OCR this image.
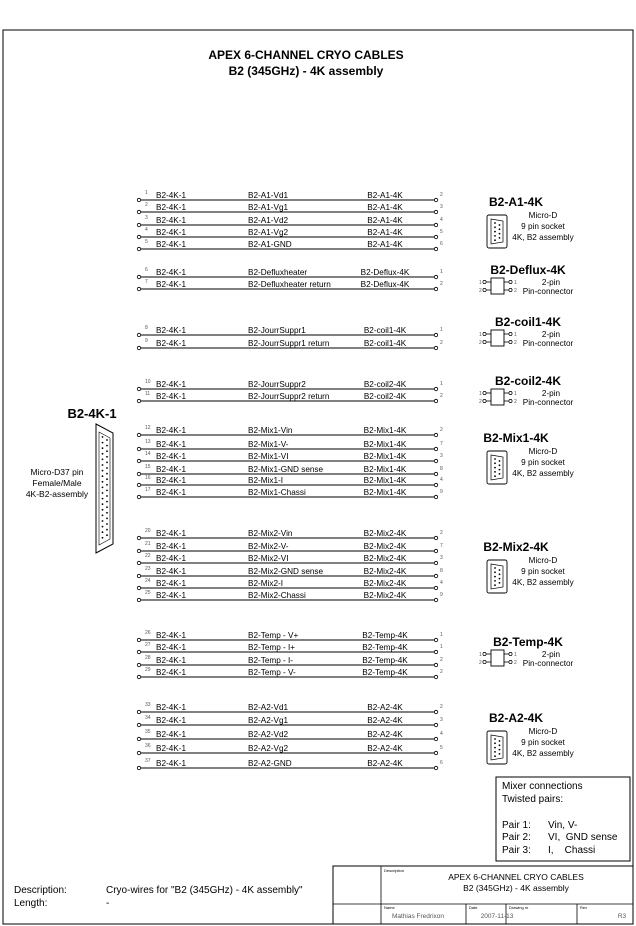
APEX 6-CHANNEL CRYO CABLES
B2 (345GHz) - 4K assembly
B2-4K-1
Micro-D37 pin
Female/Male
4K-B2-assembly
1 B2-4K-1	B2-A1-Vd1	B2-A1-4K	2
2 B2-4K-1	B2-A1-Vg1	B2-A1-4K	3
3 B2-4K-1	B2-A1-Vd2	B2-A1-4K	4
4 B2-4K-1	B2-A1-Vg2	B2-A1-4K	5
5 B2-4K-1	B2-A1-GND	B2-A1-4K	6
6 B2-4K-1	B2-Defluxheater	B2-Deflux-4K	1
7 B2-4K-1	B2-Defluxheater return	B2-Deflux-4K	2
8 B2-4K-1	B2-JourrSuppr1	B2-coil1-4K	1
9 B2-4K-1	B2-JourrSuppr1 return	B2-coil1-4K	2
10 B2-4K-1	B2-JourrSuppr2	B2-coil2-4K	1
11 B2-4K-1	B2-JourrSuppr2 return	B2-coil2-4K	2
12 B2-4K-1	B2-Mix1-Vin	B2-Mix1-4K	2
13 B2-4K-1	B2-Mix1-V-	B2-Mix1-4K	7
14 B2-4K-1	B2-Mix1-VI	B2-Mix1-4K	3
15 B2-4K-1	B2-Mix1-GND sense	B2-Mix1-4K	8
16 B2-4K-1	B2-Mix1-I	B2-Mix1-4K	4
17 B2-4K-1	B2-Mix1-Chassi	B2-Mix1-4K	9
20 B2-4K-1	B2-Mix2-Vin	B2-Mix2-4K	2
21 B2-4K-1	B2-Mix2-V-	B2-Mix2-4K	7
22 B2-4K-1	B2-Mix2-VI	B2-Mix2-4K	3
23 B2-4K-1	B2-Mix2-GND sense	B2-Mix2-4K	8
24 B2-4K-1	B2-Mix2-I	B2-Mix2-4K	4
25 B2-4K-1	B2-Mix2-Chassi	B2-Mix2-4K	9
26 B2-4K-1	B2-Temp - V+	B2-Temp-4K	1
27 B2-4K-1	B2-Temp - I+	B2-Temp-4K	1
28 B2-4K-1	B2-Temp - I-	B2-Temp-4K	2
29 B2-4K-1	B2-Temp - V-	B2-Temp-4K	2
33 B2-4K-1	B2-A2-Vd1	B2-A2-4K	2
34 B2-4K-1	B2-A2-Vg1	B2-A2-4K	3
35 B2-4K-1	B2-A2-Vd2	B2-A2-4K	4
36 B2-4K-1	B2-A2-Vg2	B2-A2-4K	5
37 B2-4K-1	B2-A2-GND	B2-A2-4K	6
B2-A1-4K
Micro-D
9 pin socket
4K, B2 assembly
B2-Deflux-4K
2-pin
Pin-connector
1	1
2	2
B2-coil1-4K
2-pin
Pin-connector
1	1
2	2
B2-coil2-4K
2-pin
Pin-connector
1	1
2	2
B2-Mix1-4K
Micro-D
9 pin socket
4K, B2 assembly
B2-Mix2-4K
Micro-D
9 pin socket
4K, B2 assembly
B2-Temp-4K
2-pin
Pin-connector
1	1
2	2
B2-A2-4K
Micro-D
9 pin socket
4K, B2 assembly
Mixer connections
Twisted pairs:
Pair 1: Vin, V-
Pair 2: VI,  GND sense
Pair 3: I,    Chassi
Description:	Cryo-wires for "B2 (345GHz) - 4K assembly"
Length:	-
Description
APEX 6-CHANNEL CRYO CABLES
B2 (345GHz) - 4K assembly
Name
Mathias Fredrixon
Date
2007-11-13
Drawing nr	Rev
R3
